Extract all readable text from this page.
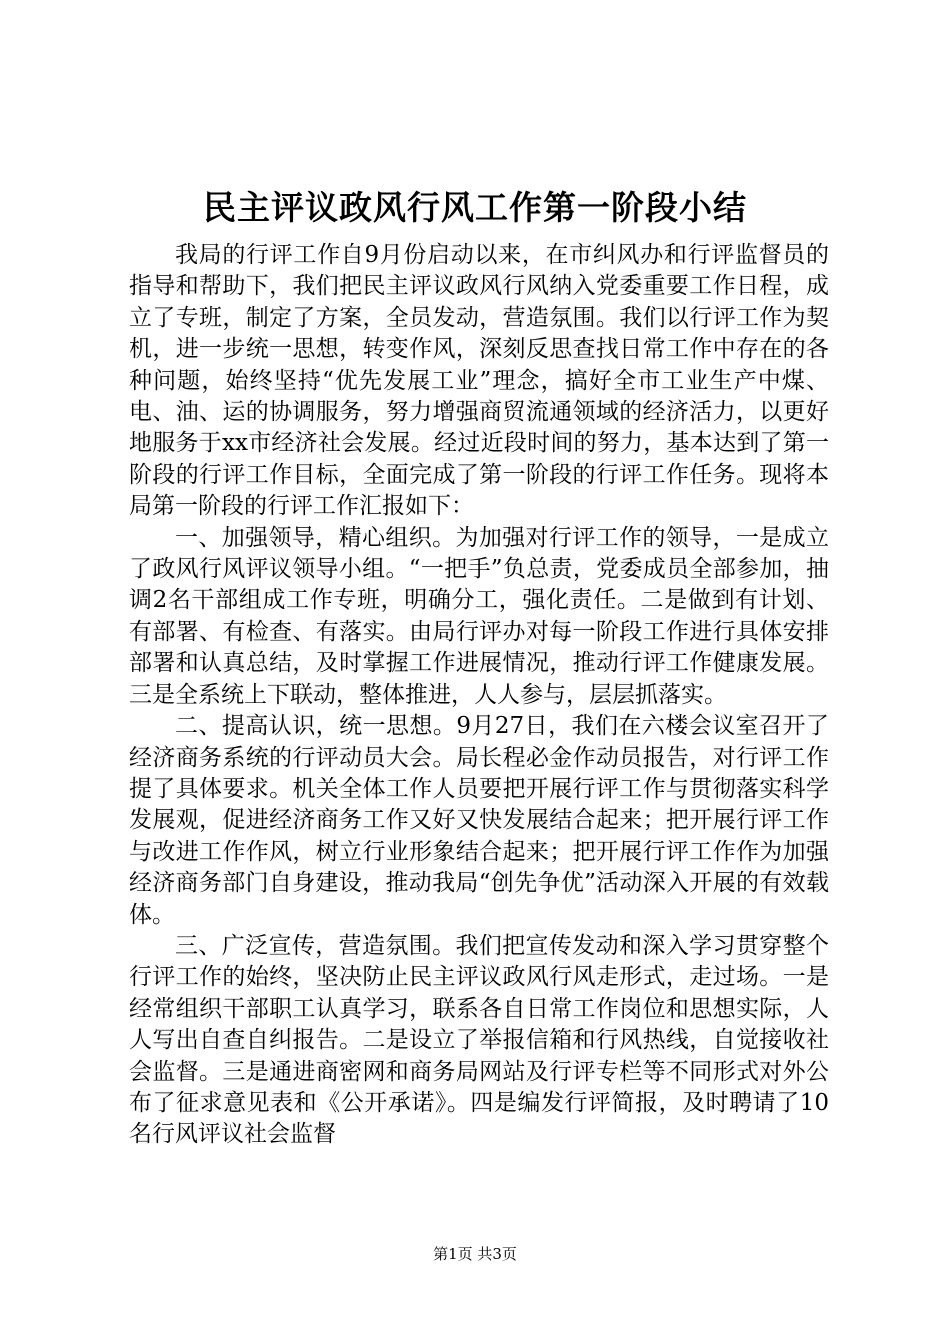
民主评议政风行风工作第一阶段小结

我局的行评工作自9月份启动以来，在市纠风办和行评监督员的指导和帮助下，我们把民主评议政风行风纳入党委重要工作日程，成立了专班，制定了方案，全员发动，营造氛围。我们以行评工作为契机，进一步统一思想，转变作风，深刻反思查找日常工作中存在的各种问题，始终坚持“优先发展工业”理念，搞好全市工业生产中煤、电、油、运的协调服务，努力增强商贸流通领域的经济活力，以更好地服务于xx市经济社会发展。经过近段时间的努力，基本达到了第一阶段的行评工作目标，全面完成了第一阶段的行评工作任务。现将本局第一阶段的行评工作汇报如下：

一、加强领导，精心组织。为加强对行评工作的领导，一是成立了政风行风评议领导小组。“一把手”负总责，党委成员全部参加，抽调2名干部组成工作专班，明确分工，强化责任。二是做到有计划、有部署、有检查、有落实。由局行评办对每一阶段工作进行具体安排部署和认真总结，及时掌握工作进展情况，推动行评工作健康发展。三是全系统上下联动，整体推进，人人参与，层层抓落实。

二、提高认识，统一思想。9月27日，我们在六楼会议室召开了经济商务系统的行评动员大会。局长程必金作动员报告，对行评工作提了具体要求。机关全体工作人员要把开展行评工作与贯彻落实科学发展观，促进经济商务工作又好又快发展结合起来；把开展行评工作与改进工作作风，树立行业形象结合起来；把开展行评工作作为加强经济商务部门自身建设，推动我局“创先争优”活动深入开展的有效载体。

三、广泛宣传，营造氛围。我们把宣传发动和深入学习贯穿整个行评工作的始终，坚决防止民主评议政风行风走形式，走过场。一是经常组织干部职工认真学习，联系各自日常工作岗位和思想实际，人人写出自查自纠报告。二是设立了举报信箱和行风热线，自觉接收社会监督。三是通进商密网和商务局网站及行评专栏等不同形式对外公布了征求意见表和《公开承诺》。四是编发行评简报，及时聘请了10名行风评议社会监督

第1页 共3页
